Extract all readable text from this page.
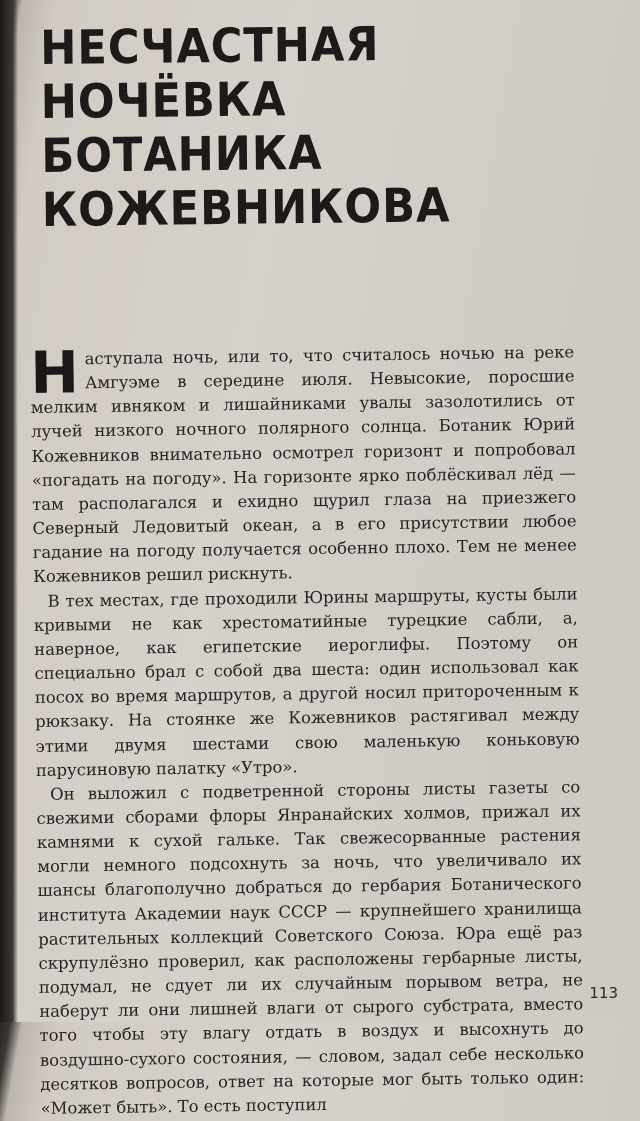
НЕСЧАСТНАЯ
НОЧЁВКА БОТАНИКА
КОЖЕВНИКОВА

Наступала ночь, или то, что считалось ночью на реке Амгуэме в середине июля. Невысокие, поросшие мелким ивняком и лишайниками увалы зазолотились от лучей низкого ночного полярного солнца. Ботаник Юрий Кожевников внимательно осмотрел горизонт и попробовал «погадать на погоду». На горизонте ярко поблёскивал лёд — там располагался и ехидно щурил глаза на приезжего Северный Ледовитый океан, а в его присутствии любое гадание на погоду получается особенно плохо. Тем не менее Кожевников решил рискнуть.

В тех местах, где проходили Юрины маршруты, кусты были кривыми не как хрестоматийные турецкие сабли, а, наверное, как египетские иероглифы. Поэтому он специально брал с собой два шеста: один использовал как посох во время маршрутов, а другой носил притороченным к рюкзаку. На стоянке же Кожевников растягивал между этими двумя шестами свою маленькую коньковую парусиновую палатку «Утро».

Он выложил с подветренной стороны листы газеты со свежими сборами флоры Янранайских холмов, прижал их камнями к сухой гальке. Так свежесорванные растения могли немного подсохнуть за ночь, что увеличивало их шансы благополучно добраться до гербария Ботанического института Академии наук СССР — крупнейшего хранилища растительных коллекций Советского Союза. Юра ещё раз скрупулёзно проверил, как расположены гербарные листы, подумал, не сдует ли их случайным порывом ветра, не наберут ли они лишней влаги от сырого субстрата, вместо того чтобы эту влагу отдать в воздух и высохнуть до воздушно-сухого состояния, — словом, задал себе несколько десятков вопросов, ответ на которые мог быть только один: «Может быть». То есть поступил

113
